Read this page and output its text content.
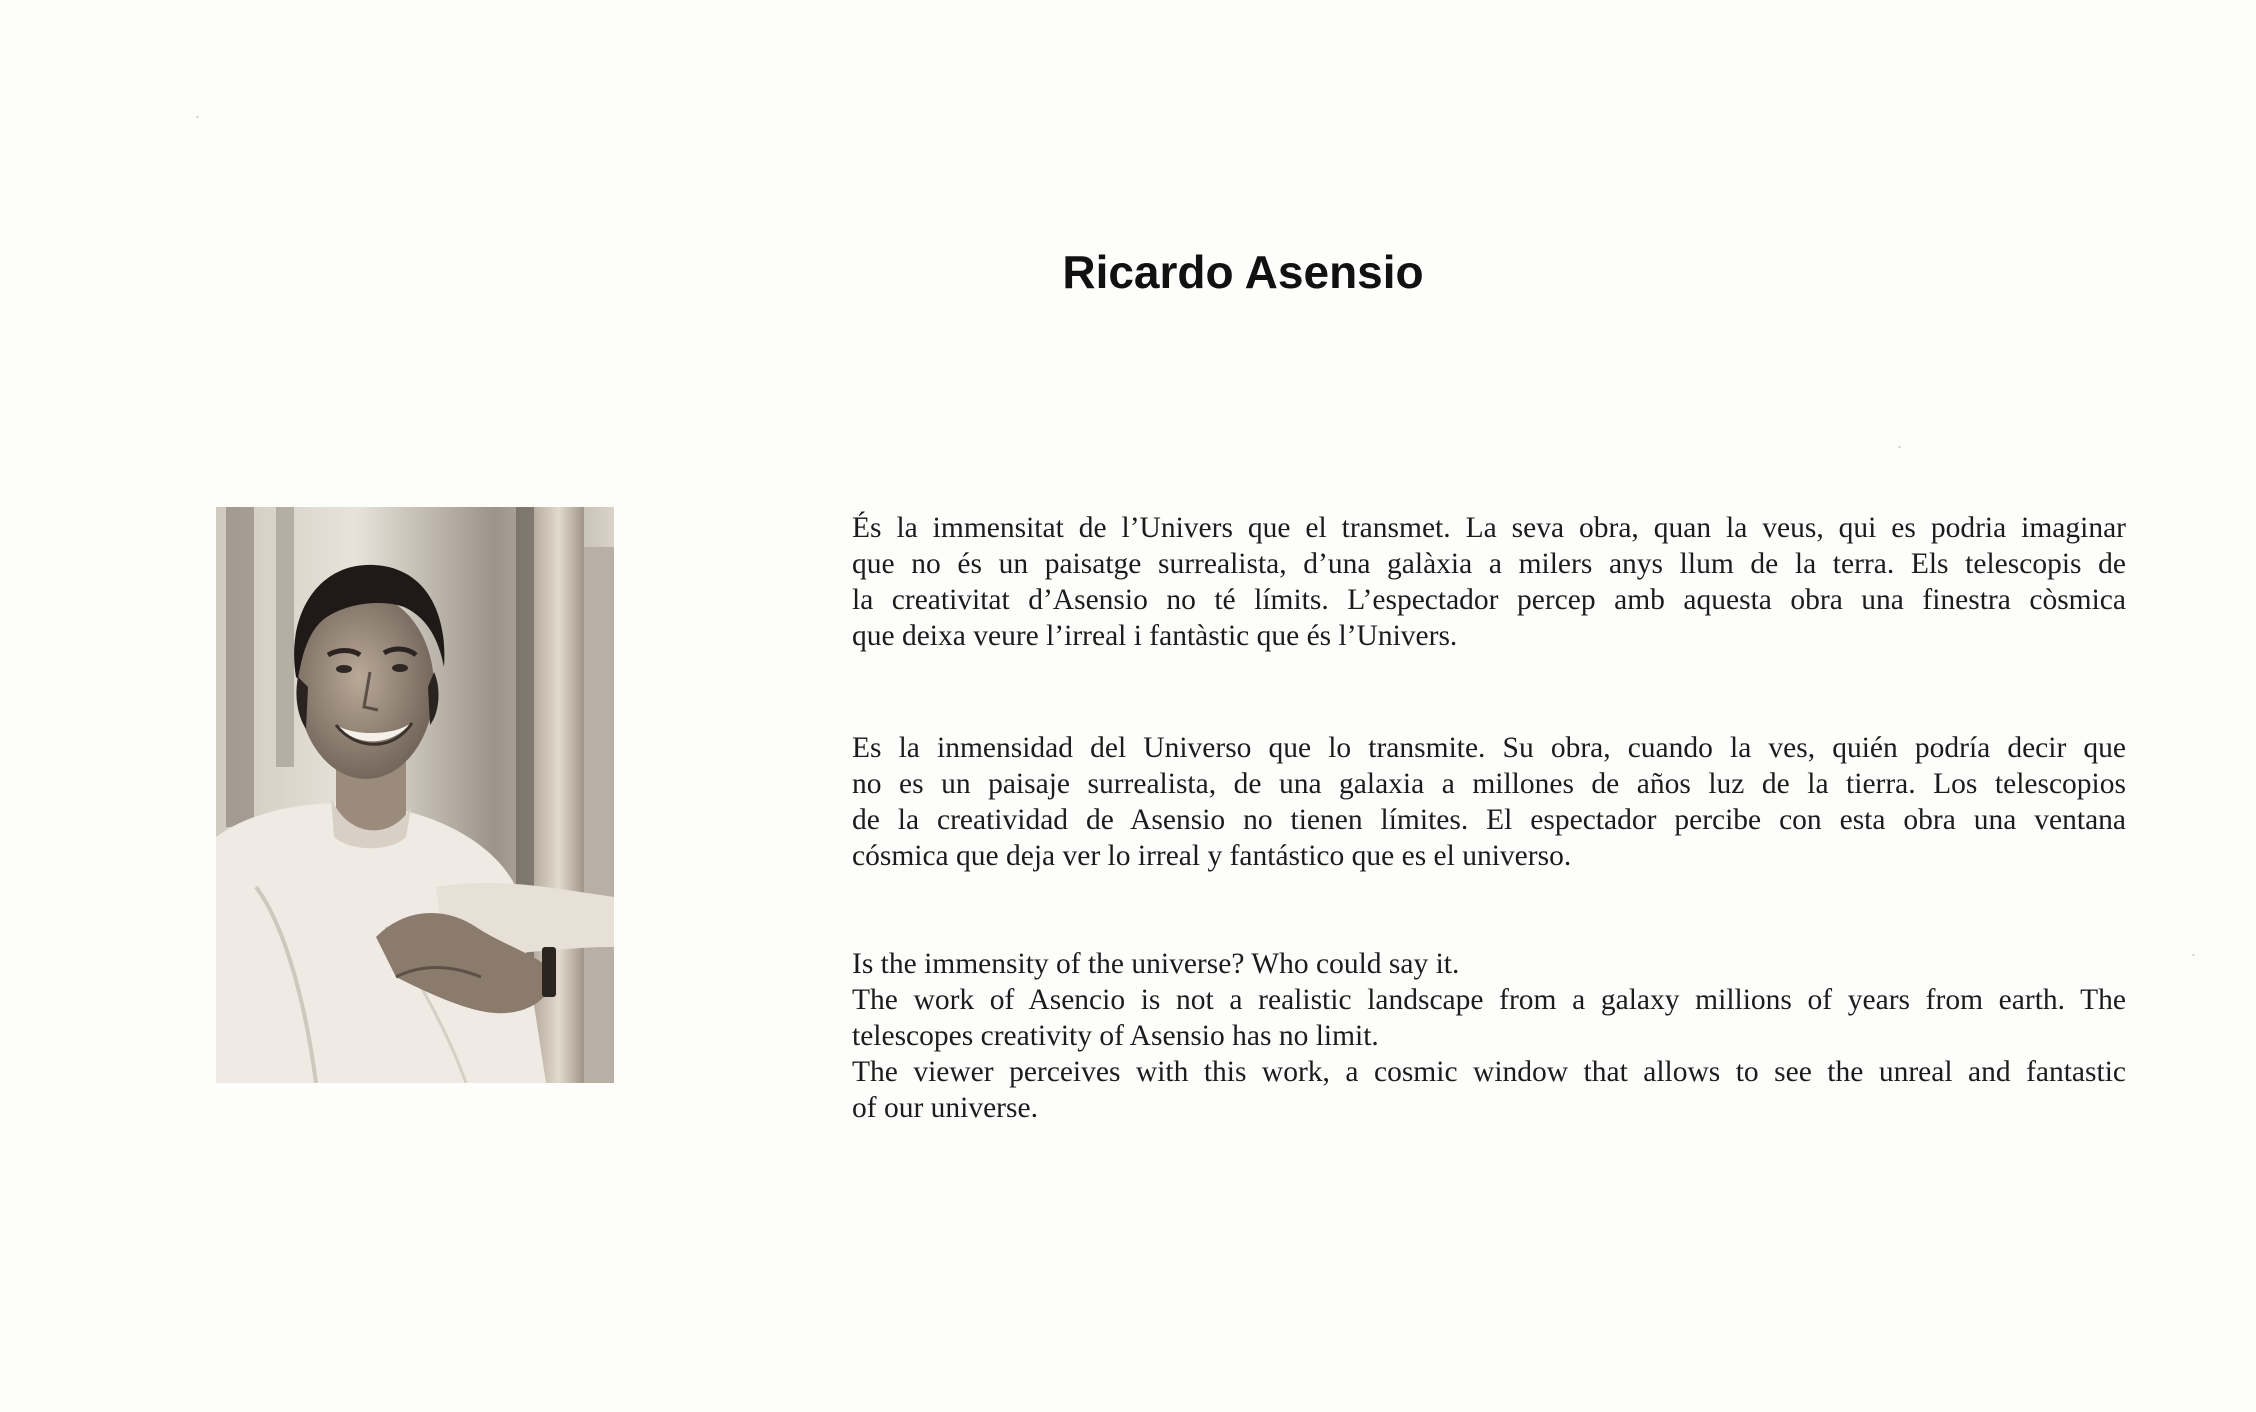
Ricardo Asensio

És la immensitat de l’Univers que el transmet. La seva obra, quan la veus, qui es podria imaginar
que no és un paisatge surrealista, d’una galàxia a milers anys llum de la terra. Els telescopis de
la creativitat d’Asensio no té límits. L’espectador percep amb aquesta obra una finestra còsmica
que deixa veure l’irreal i fantàstic que és l’Univers.

Es la inmensidad del Universo que lo transmite. Su obra, cuando la ves, quién podría decir que
no es un paisaje surrealista, de una galaxia a millones de años luz de la tierra. Los telescopios
de la creatividad de Asensio no tienen límites. El espectador percibe con esta obra una ventana
cósmica que deja ver lo irreal y fantástico que es el universo.

Is the immensity of the universe? Who could say it.
The work of Asencio is not a realistic landscape from a galaxy millions of years from earth. The
telescopes creativity of Asensio has no limit.
The viewer perceives with this work, a cosmic window that allows to see the unreal and fantastic
of our universe.
